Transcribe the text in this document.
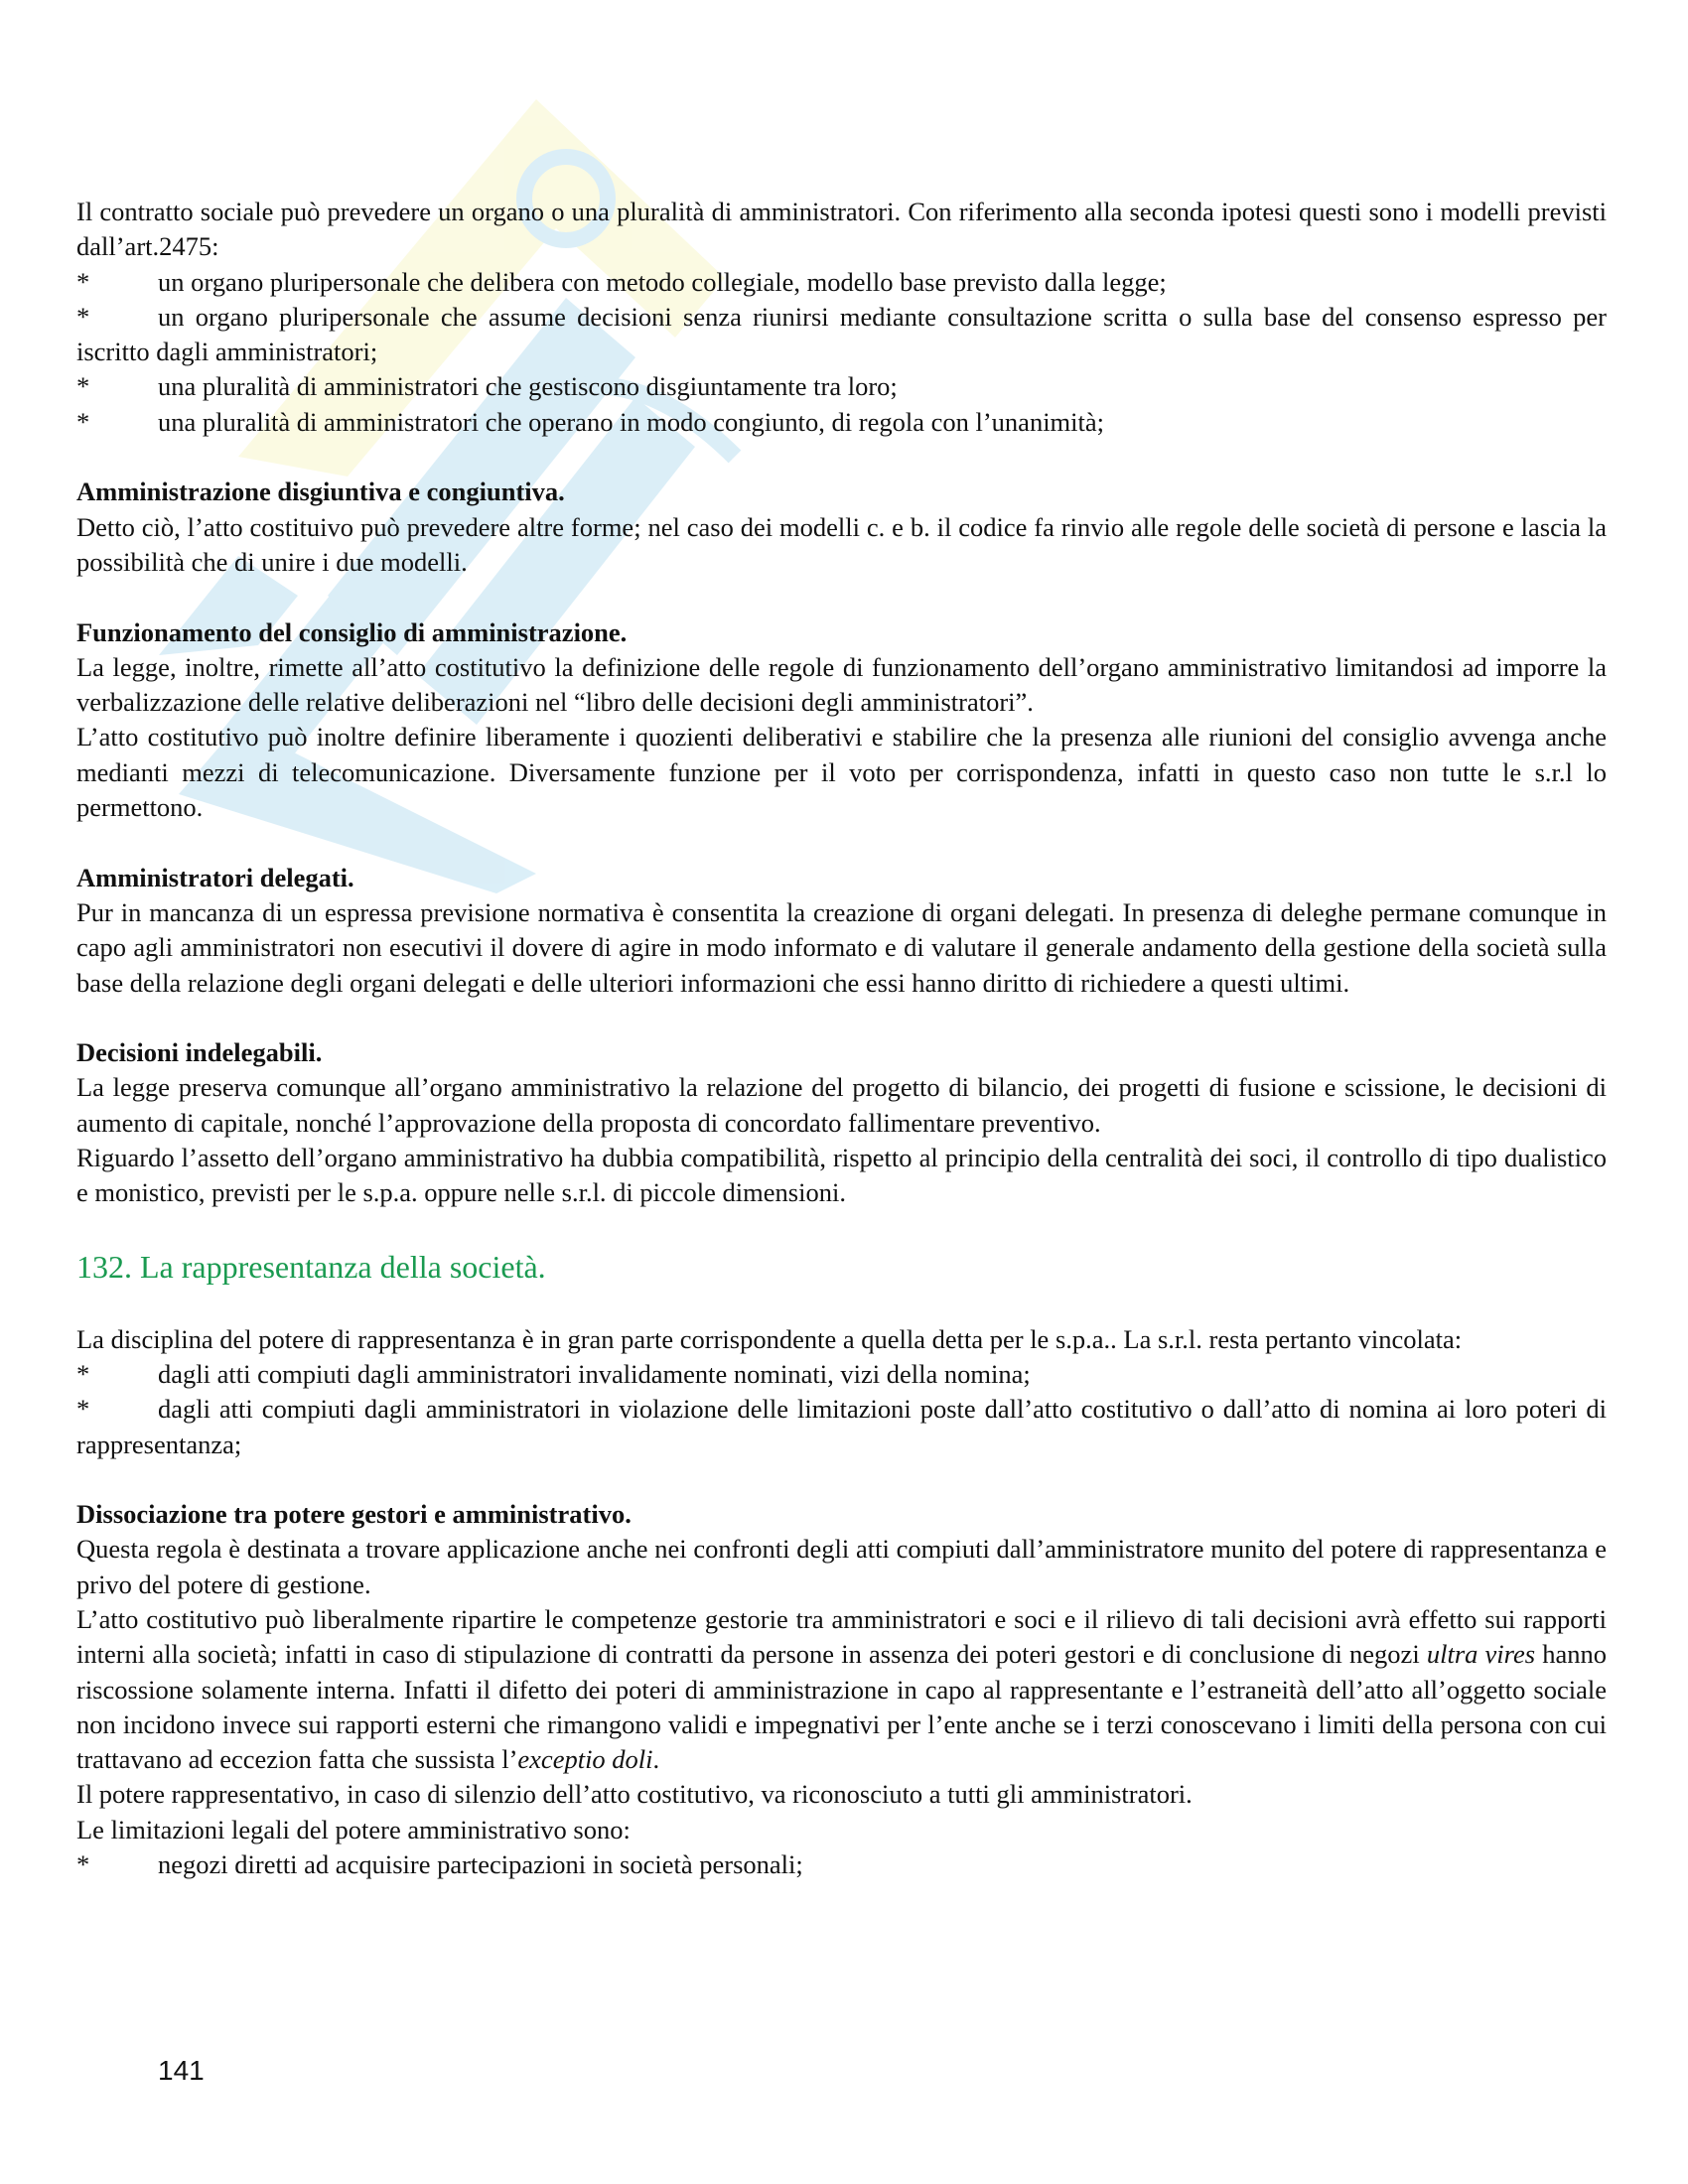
Il contratto sociale può prevedere un organo o una pluralità di amministratori. Con riferimento alla seconda ipotesi questi sono i modelli previsti dall’art.2475:

*	un organo pluripersonale che delibera con metodo collegiale, modello base previsto dalla legge;

*	un organo pluripersonale che assume decisioni senza riunirsi mediante consultazione scritta o sulla base del consenso espresso per iscritto dagli amministratori;

*	una pluralità di amministratori che gestiscono disgiuntamente tra loro;

*	una pluralità di amministratori che operano in modo congiunto, di regola con l’unanimità;

Amministrazione disgiuntiva e congiuntiva.

Detto ciò, l’atto costituivo può prevedere altre forme; nel caso dei modelli c. e b. il codice fa rinvio alle regole delle società di persone e lascia la possibilità che di unire i due modelli.

Funzionamento del consiglio di amministrazione.

La legge, inoltre, rimette all’atto costitutivo la definizione delle regole di funzionamento dell’organo amministrativo limitandosi ad imporre la verbalizzazione delle relative deliberazioni nel “libro delle decisioni degli amministratori”.

L’atto costitutivo può inoltre definire liberamente i quozienti deliberativi e stabilire che la presenza alle riunioni del consiglio avvenga anche medianti mezzi di telecomunicazione. Diversamente funzione per il voto per corrispondenza, infatti in questo caso non tutte le s.r.l lo permettono.

Amministratori delegati.

Pur in mancanza di un espressa previsione normativa è consentita la creazione di organi delegati. In presenza di deleghe permane comunque in capo agli amministratori non esecutivi il dovere di agire in modo informato e di valutare il generale andamento della gestione della società sulla base della relazione degli organi delegati e delle ulteriori informazioni che essi hanno diritto di richiedere a questi ultimi.

Decisioni indelegabili.

La legge preserva comunque all’organo amministrativo la relazione del progetto di bilancio, dei progetti di fusione e scissione, le decisioni di aumento di capitale, nonché l’approvazione della proposta di concordato fallimentare preventivo.

Riguardo l’assetto dell’organo amministrativo ha dubbia compatibilità, rispetto al principio della centralità dei soci, il controllo di tipo dualistico e monistico, previsti per le s.p.a. oppure nelle s.r.l. di piccole dimensioni.

132. La rappresentanza della società.

La disciplina del potere di rappresentanza è in gran parte corrispondente a quella detta per le s.p.a.. La s.r.l. resta pertanto vincolata:

*	dagli atti compiuti dagli amministratori invalidamente nominati, vizi della nomina;

*	dagli atti compiuti dagli amministratori in violazione delle limitazioni poste dall’atto costitutivo o dall’atto di nomina ai loro poteri di rappresentanza;

Dissociazione tra potere gestori e amministrativo.

Questa regola è destinata a trovare applicazione anche nei confronti degli atti compiuti dall’amministratore munito del potere di rappresentanza e privo del potere di gestione.

L’atto costitutivo può liberalmente ripartire le competenze gestorie tra amministratori e soci e il rilievo di tali decisioni avrà effetto sui rapporti interni alla società; infatti in caso di stipulazione di contratti da persone in assenza dei poteri gestori e di conclusione di negozi ultra vires hanno riscossione solamente interna. Infatti il difetto dei poteri di amministrazione in capo al rappresentante e l’estraneità dell’atto all’oggetto sociale non incidono invece sui rapporti esterni che rimangono validi e impegnativi per l’ente anche se i terzi conoscevano i limiti della persona con cui trattavano ad eccezion fatta che sussista l’exceptio doli.

Il potere rappresentativo, in caso di silenzio dell’atto costitutivo, va riconosciuto a tutti gli amministratori.

Le limitazioni legali del potere amministrativo sono:

*	negozi diretti ad acquisire partecipazioni in società personali;

141
